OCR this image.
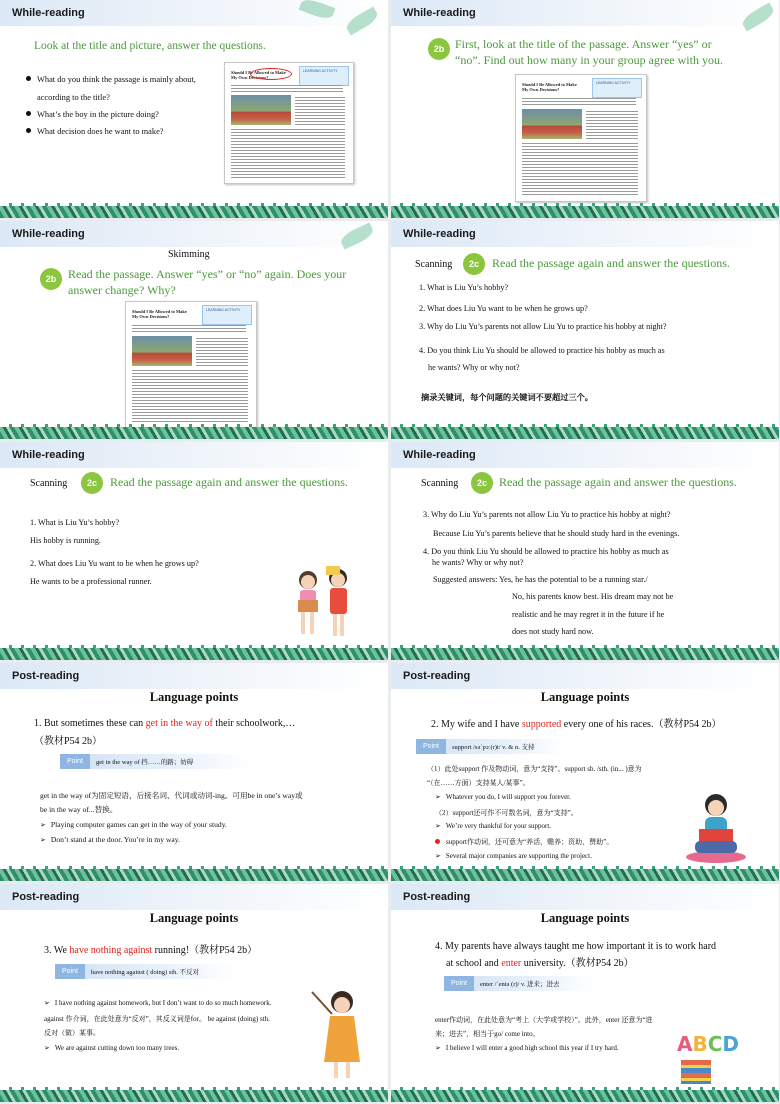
While-reading
Look at the title and picture, answer the questions.
What do you think the passage is mainly about,
according to the title?
What’s the boy in the picture doing?
What decision does he want to make?
Should I Be Allowed to Make
My Own Decisions?
LEARNING ACTIVITY
While-reading
2b First, look at the title of the passage. Answer “yes” or
“no”. Find out how many in your group agree with you.
Should I Be Allowed to Make
My Own Decisions?
LEARNING ACTIVITY
While-reading
Skimming
2b Read the passage. Answer “yes” or “no” again. Does your
answer change? Why?
Should I Be Allowed to Make
My Own Decisions?
LEARNING ACTIVITY
While-reading
Scanning	2c	Read the passage again and answer the questions.
1. What is Liu Yu’s hobby?
2. What does Liu Yu want to be when he grows up?
3. Why do Liu Yu’s parents not allow Liu Yu to practice his hobby at night?
4. Do you think Liu Yu should be allowed to practice his hobby as much as
he wants? Why or why not?
摘录关键词，每个问题的关键词不要超过三个。
While-reading
Scanning	2c	Read the passage again and answer the questions.
1. What is Liu Yu’s hobby?
His hobby is running.
2. What does Liu Yu want to be when he grows up?
He wants to be a professional runner.
While-reading
Scanning	2c	Read the passage again and answer the questions.
3. Why do Liu Yu’s parents not allow Liu Yu to practice his hobby at night?
Because Liu Yu’s parents believe that he should study hard in the evenings.
4. Do you think Liu Yu should be allowed to practice his hobby as much as
he wants? Why or why not?
Suggested answers: Yes, he has the potential to be a running star./
No, his parents know best. His dream may not be
realistic and he may regret it in the future if he
does not study hard now.
Post-reading
Language points
1. But sometimes these can get in the way of their schoolwork,…
（教材P54 2b）
Point	get in the way of 挡……的路；妨碍
get in the way of为固定短语，后接名词、代词或动词-ing。可用be in one’s way或
be in the way of...替换。
➢ Playing computer games can get in the way of your study.
➢ Don’t stand at the door. You’re in my way.
Post-reading
Language points
2. My wife and I have supported every one of his races.（教材P54 2b）
Point	support /səˈpɔː(r)t/ v. & n. 支持
（1）此处support 作及物动词，意为“支持”。support sb. /sth. (in... )意为
“（在……方面）支持某人/某事”。
➢ Whatever you do, I will support you forever.
（2）support还可作不可数名词，意为“支持”。
➢ We’re very thankful for your support.
support作动词，还可意为“养活，赡养；资助，赞助”。
➢ Several major companies are supporting the project.
Post-reading
Language points
3. We have nothing against running!（教材P54 2b）
Point	have nothing against ( doing) sth. 不反对
➢ I have nothing against homework, but I don’t want to do so much homework.
against 作介词，在此处意为“反对”，其反义词是for。 be against (doing) sth.
反对（做）某事。
➢ We are against cutting down too many trees.
Post-reading
Language points
4. My parents have always taught me how important it is to work hard
at school and enter university.（教材P54 2b）
Point	enter /ˈentə (r)/ v. 进来；进去
enter作动词，在此处意为“考上（大学或学校）”。此外，enter 还意为“进
来；进去”，相当于go/ come into。
➢ I believe I will enter a good high school this year if I try hard.	ABCD
